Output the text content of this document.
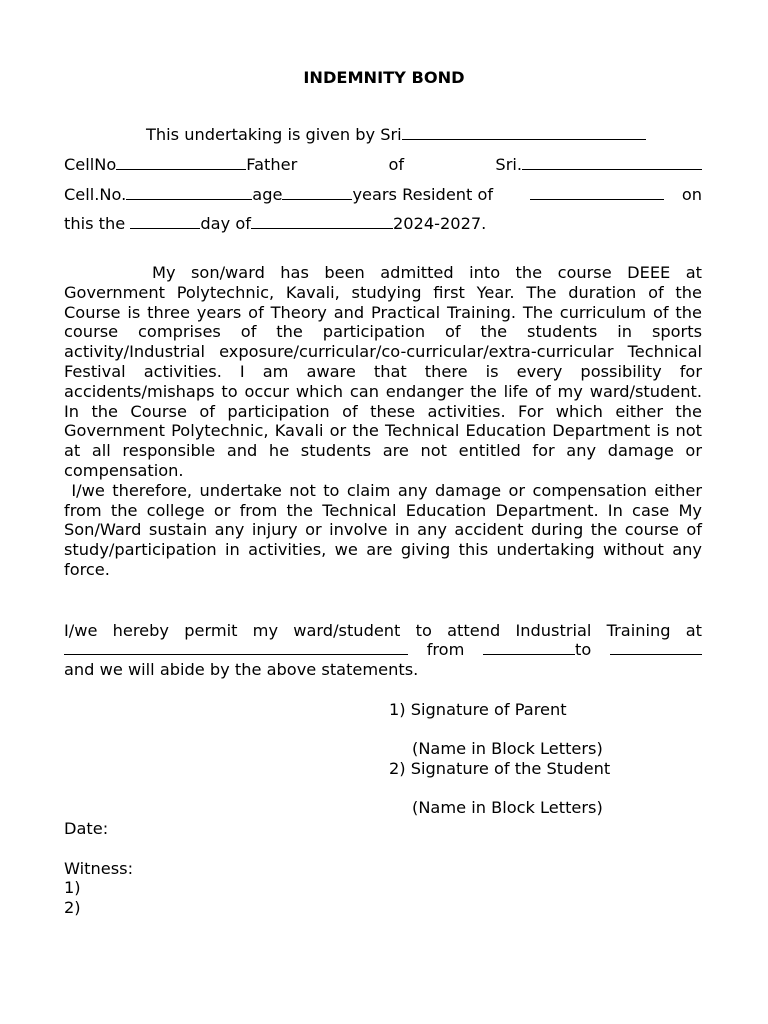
INDEMNITY BOND
This undertaking is given by Sri
CellNo	Father	of	Sri.
Cell.No.	age	years Resident of	on
this the	day of	2024-2027.

My son/ward has been admitted into the course DEEE at Government Polytechnic, Kavali, studying first Year. The duration of the Course is three years of Theory and Practical Training. The curriculum of the course comprises of the participation of the students in sports activity/Industrial exposure/curricular/co-curricular/extra-curricular Technical Festival activities. I am aware that there is every possibility for accidents/mishaps to occur which can endanger the life of my ward/student. In the Course of participation of these activities. For which either the Government Polytechnic, Kavali or the Technical Education Department is not at all responsible and he students are not entitled for any damage or compensation.

I/we therefore, undertake not to claim any damage or compensation either from the college or from the Technical Education Department. In case My Son/Ward sustain any injury or involve in any accident during the course of study/participation in activities, we are giving this undertaking without any force.

I/we hereby permit my ward/student to attend Industrial Training at
from	to
and we will abide by the above statements.
1) Signature of Parent
(Name in Block Letters)
2) Signature of the Student
(Name in Block Letters)
Date:
Witness:
1)
2)
